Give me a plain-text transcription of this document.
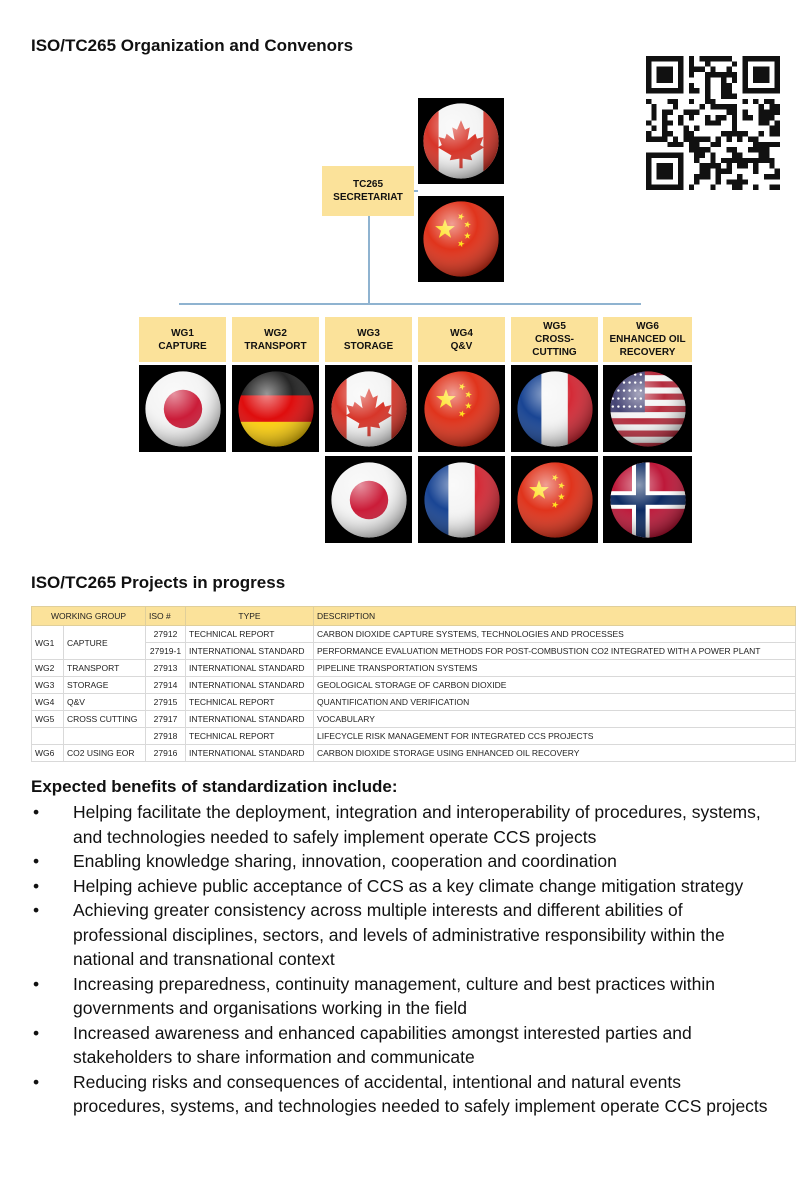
ISO/TC265 Organization and Convenors
TC265
SECRETARIAT
WG1
CAPTURE
WG2
TRANSPORT
WG3
STORAGE
WG4
Q&V
WG5
CROSS-
CUTTING
WG6
ENHANCED OIL
RECOVERY
ISO/TC265 Projects in progress
WORKING GROUP		ISO #	TYPE	DESCRIPTION
WG1	CAPTURE	27912	TECHNICAL REPORT	CARBON DIOXIDE CAPTURE SYSTEMS, TECHNOLOGIES AND PROCESSES
		27919-1	INTERNATIONAL STANDARD	PERFORMANCE EVALUATION METHODS FOR POST-COMBUSTION CO2 INTEGRATED WITH A POWER PLANT
WG2	TRANSPORT	27913	INTERNATIONAL STANDARD	PIPELINE TRANSPORTATION SYSTEMS
WG3	STORAGE	27914	INTERNATIONAL STANDARD	GEOLOGICAL STORAGE OF CARBON DIOXIDE
WG4	Q&V	27915	TECHNICAL REPORT	QUANTIFICATION AND VERIFICATION
WG5	CROSS CUTTING	27917	INTERNATIONAL STANDARD	VOCABULARY
		27918	TECHNICAL REPORT	LIFECYCLE RISK MANAGEMENT FOR INTEGRATED CCS PROJECTS
WG6	CO2 USING EOR	27916	INTERNATIONAL STANDARD	CARBON DIOXIDE STORAGE USING ENHANCED OIL RECOVERY
Expected benefits of standardization include:
• Helping facilitate the deployment, integration and interoperability of procedures, systems, and technologies needed to safely implement operate CCS projects
• Enabling knowledge sharing, innovation, cooperation and coordination
• Helping achieve public acceptance of CCS as a key climate change mitigation strategy
• Achieving greater consistency across multiple interests and different abilities of professional disciplines, sectors, and levels of administrative responsibility within the national and transnational context
• Increasing preparedness, continuity management, culture and best practices within governments and organisations working in the field
• Increased awareness and enhanced capabilities amongst interested parties and stakeholders to share information and communicate
• Reducing risks and consequences of accidental, intentional and natural events procedures, systems, and technologies needed to safely implement operate CCS projects
